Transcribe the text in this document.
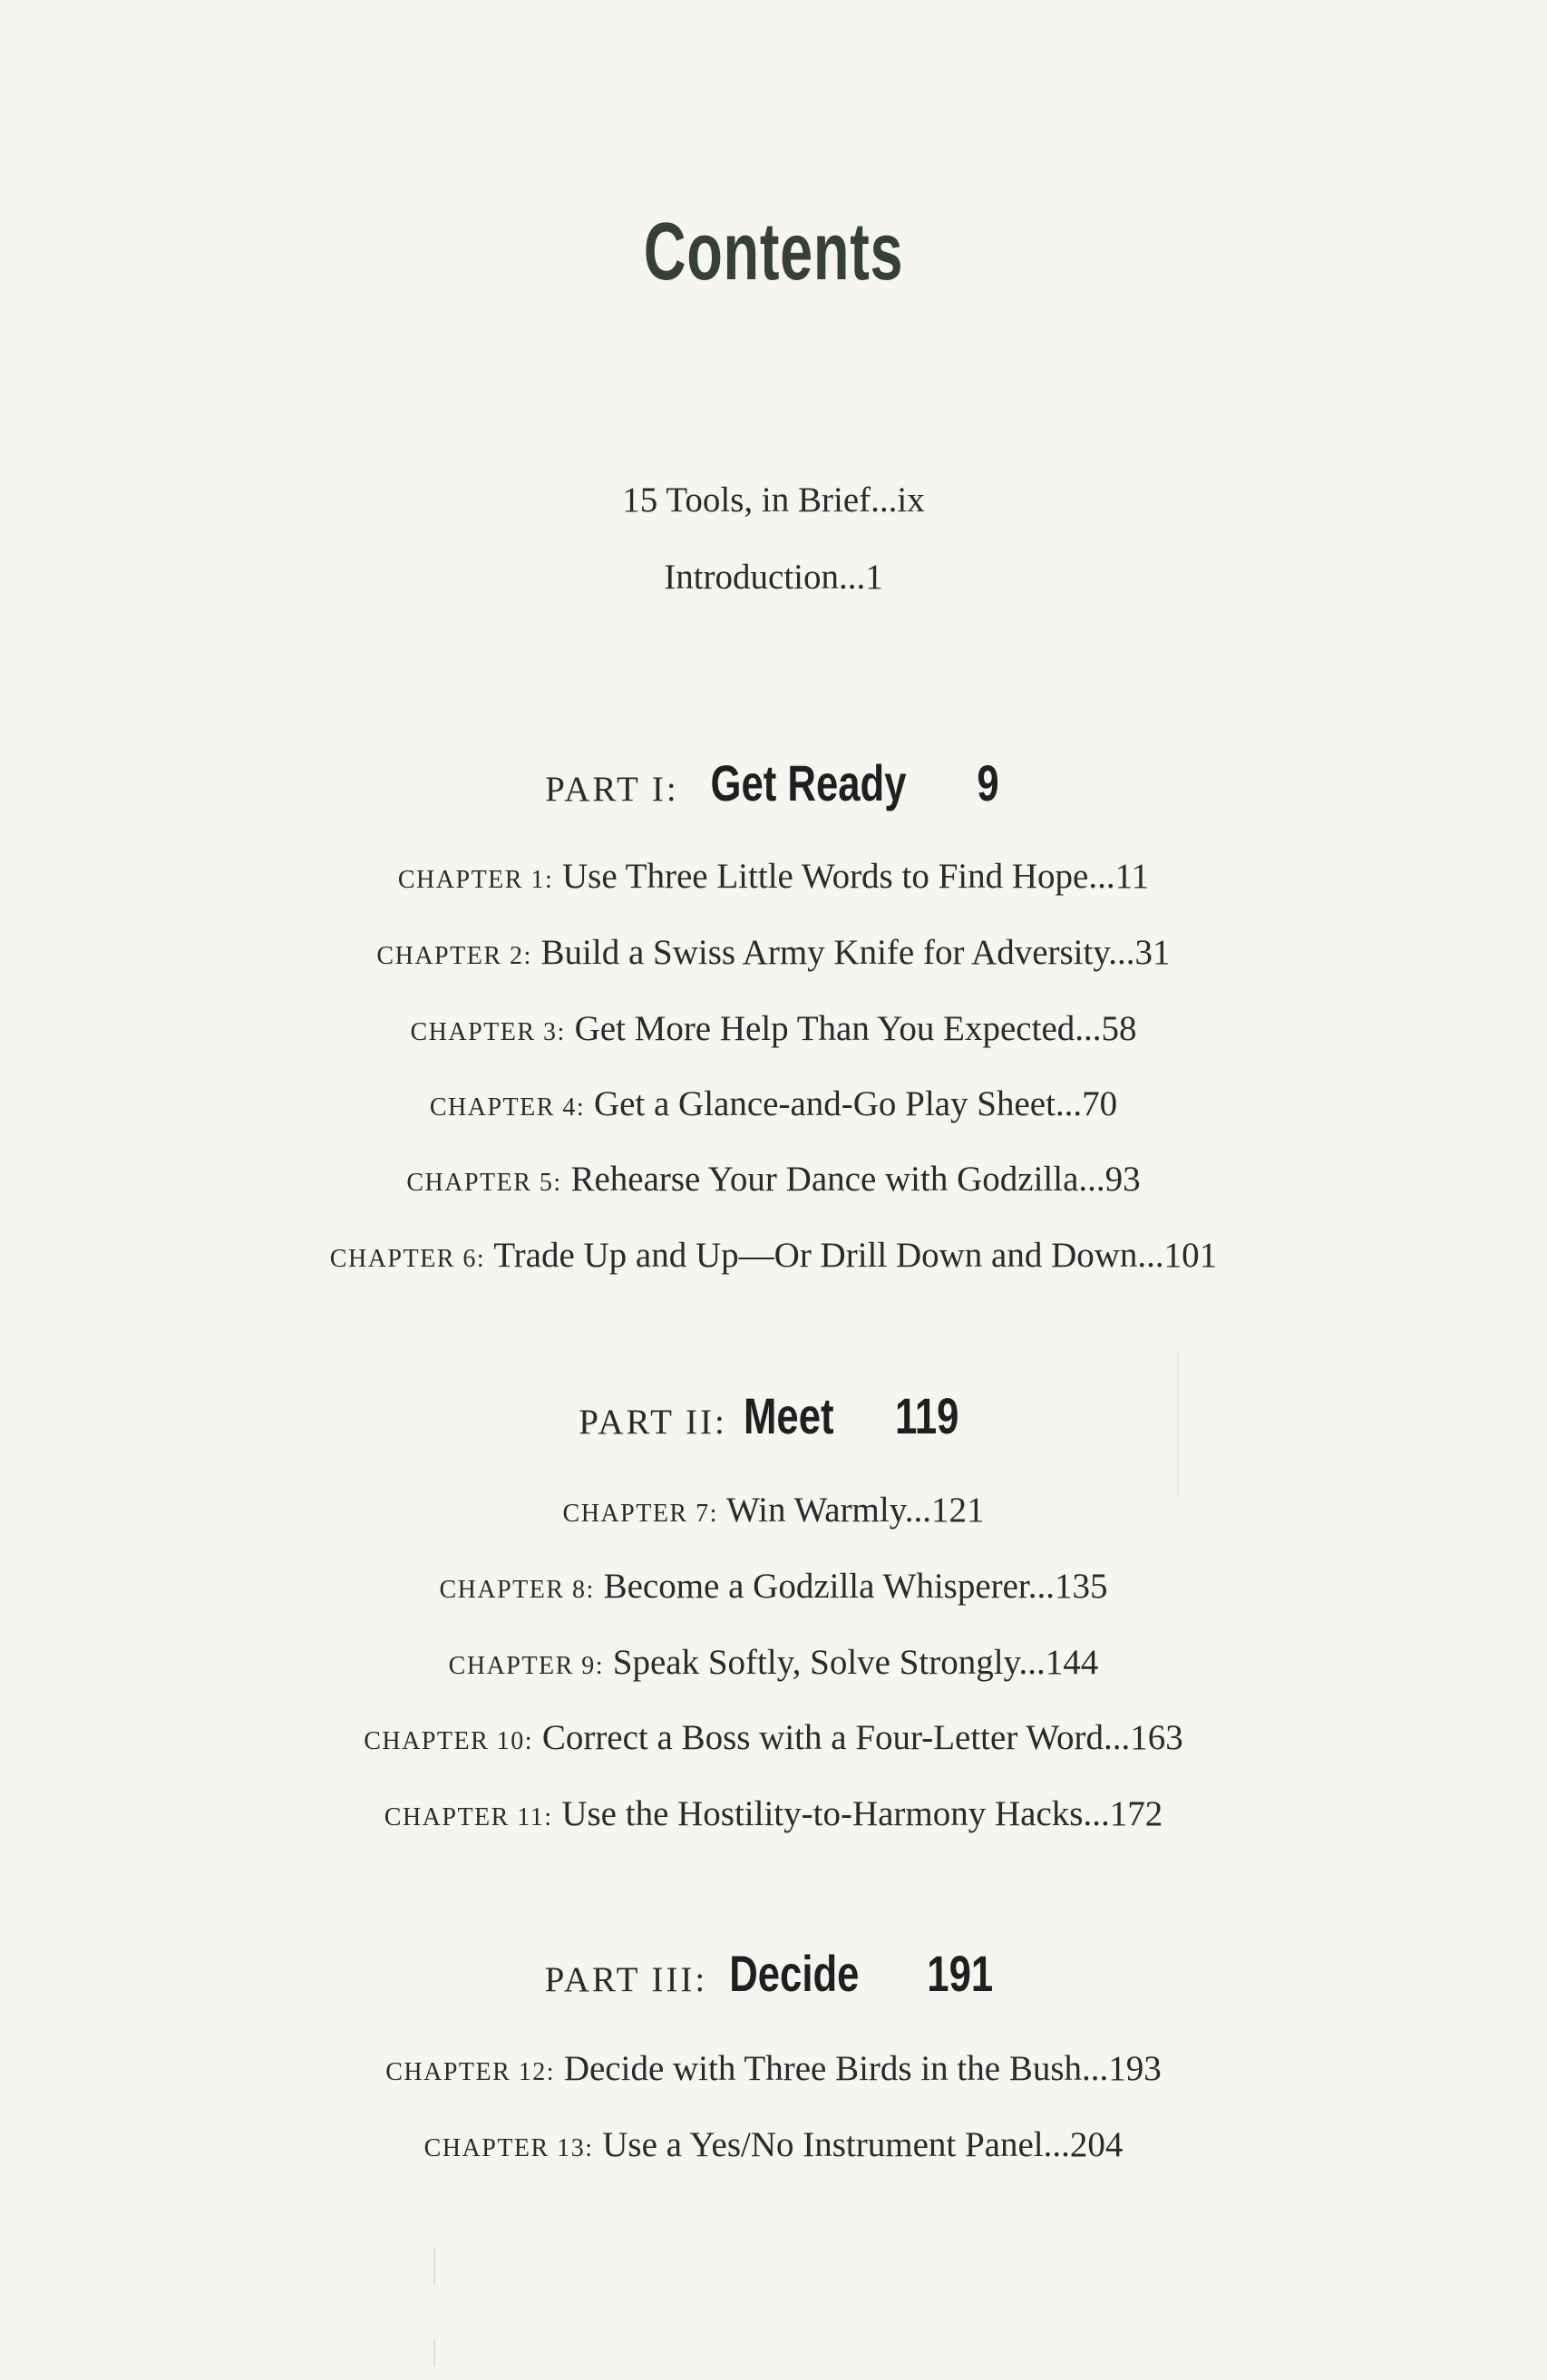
Contents
15 Tools, in Brief...ix
Introduction...1
PART I: Get Ready 9
CHAPTER 1: Use Three Little Words to Find Hope...11
CHAPTER 2: Build a Swiss Army Knife for Adversity...31
CHAPTER 3: Get More Help Than You Expected...58
CHAPTER 4: Get a Glance-and-Go Play Sheet...70
CHAPTER 5: Rehearse Your Dance with Godzilla...93
CHAPTER 6: Trade Up and Up—Or Drill Down and Down...101
PART II: Meet 119
CHAPTER 7: Win Warmly...121
CHAPTER 8: Become a Godzilla Whisperer...135
CHAPTER 9: Speak Softly, Solve Strongly...144
CHAPTER 10: Correct a Boss with a Four-Letter Word...163
CHAPTER 11: Use the Hostility-to-Harmony Hacks...172
PART III: Decide 191
CHAPTER 12: Decide with Three Birds in the Bush...193
CHAPTER 13: Use a Yes/No Instrument Panel...204
